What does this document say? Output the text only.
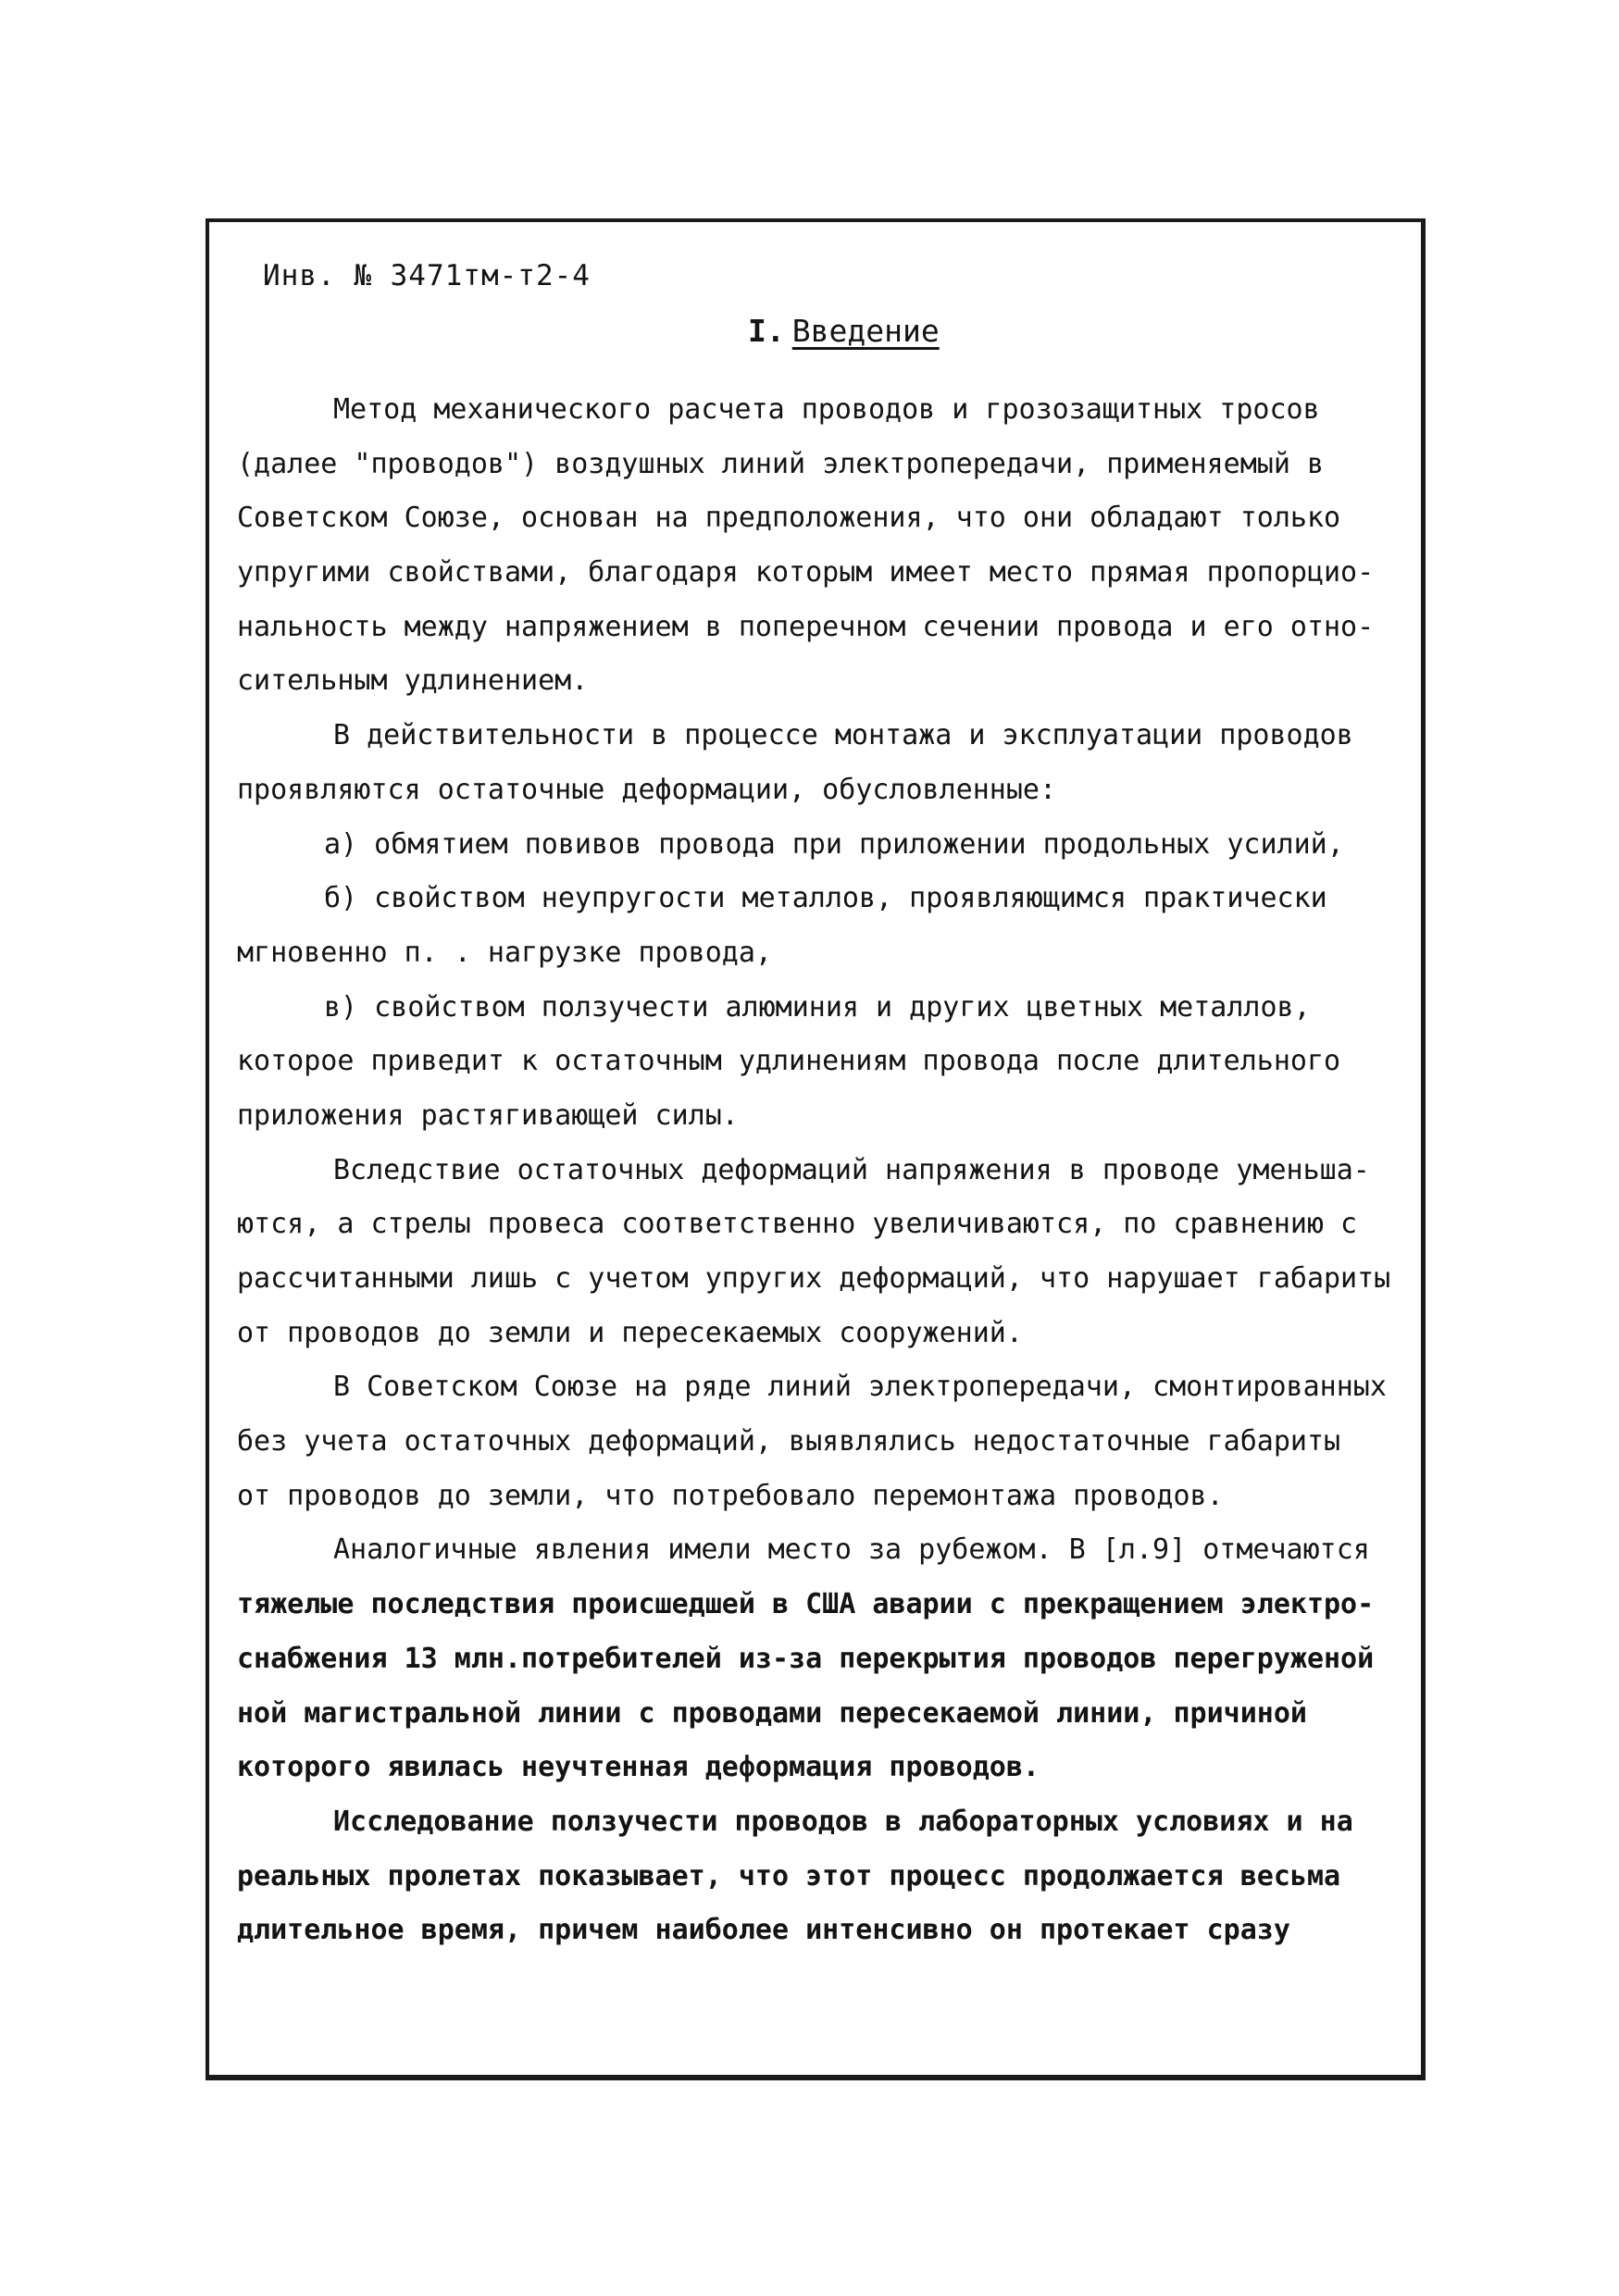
Инв. № 3471тм-т2-4
I. Введение
Метод механического расчета проводов и грозозащитных тросов
(далее "проводов") воздушных линий электропередачи, применяемый в
Советском Союзе, основан на предположения, что они обладают только
упругими свойствами, благодаря которым имеет место прямая пропорцио-
нальность между напряжением в поперечном сечении провода и его отно-
сительным удлинением.
В действительности в процессе монтажа и эксплуатации проводов
проявляются остаточные деформации, обусловленные:
а) обмятием повивов провода при приложении продольных усилий,
б) свойством неупругости металлов, проявляющимся практически
мгновенно п. . нагрузке провода,
в) свойством ползучести алюминия и других цветных металлов,
которое приведит к остаточным удлинениям провода после длительного
приложения растягивающей силы.
Вследствие остаточных деформаций напряжения в проводе уменьша-
ются, а стрелы провеса соответственно увеличиваются, по сравнению с
рассчитанными лишь с учетом упругих деформаций, что нарушает габариты
от проводов до земли и пересекаемых сооружений.
В Советском Союзе на ряде линий электропередачи, смонтированных
без учета остаточных деформаций, выявлялись недостаточные габариты
от проводов до земли, что потребовало перемонтажа проводов.
Аналогичные явления имели место за рубежом. В [л.9] отмечаются
тяжелые последствия происшедшей в США аварии с прекращением электро-
снабжения 13 млн.потребителей из-за перекрытия проводов перегруженой
ной магистральной линии с проводами пересекаемой линии, причиной
которого явилась неучтенная деформация проводов.
Исследование ползучести проводов в лабораторных условиях и на
реальных пролетах показывает, что этот процесс продолжается весьма
длительное время, причем наиболее интенсивно он протекает сразу
